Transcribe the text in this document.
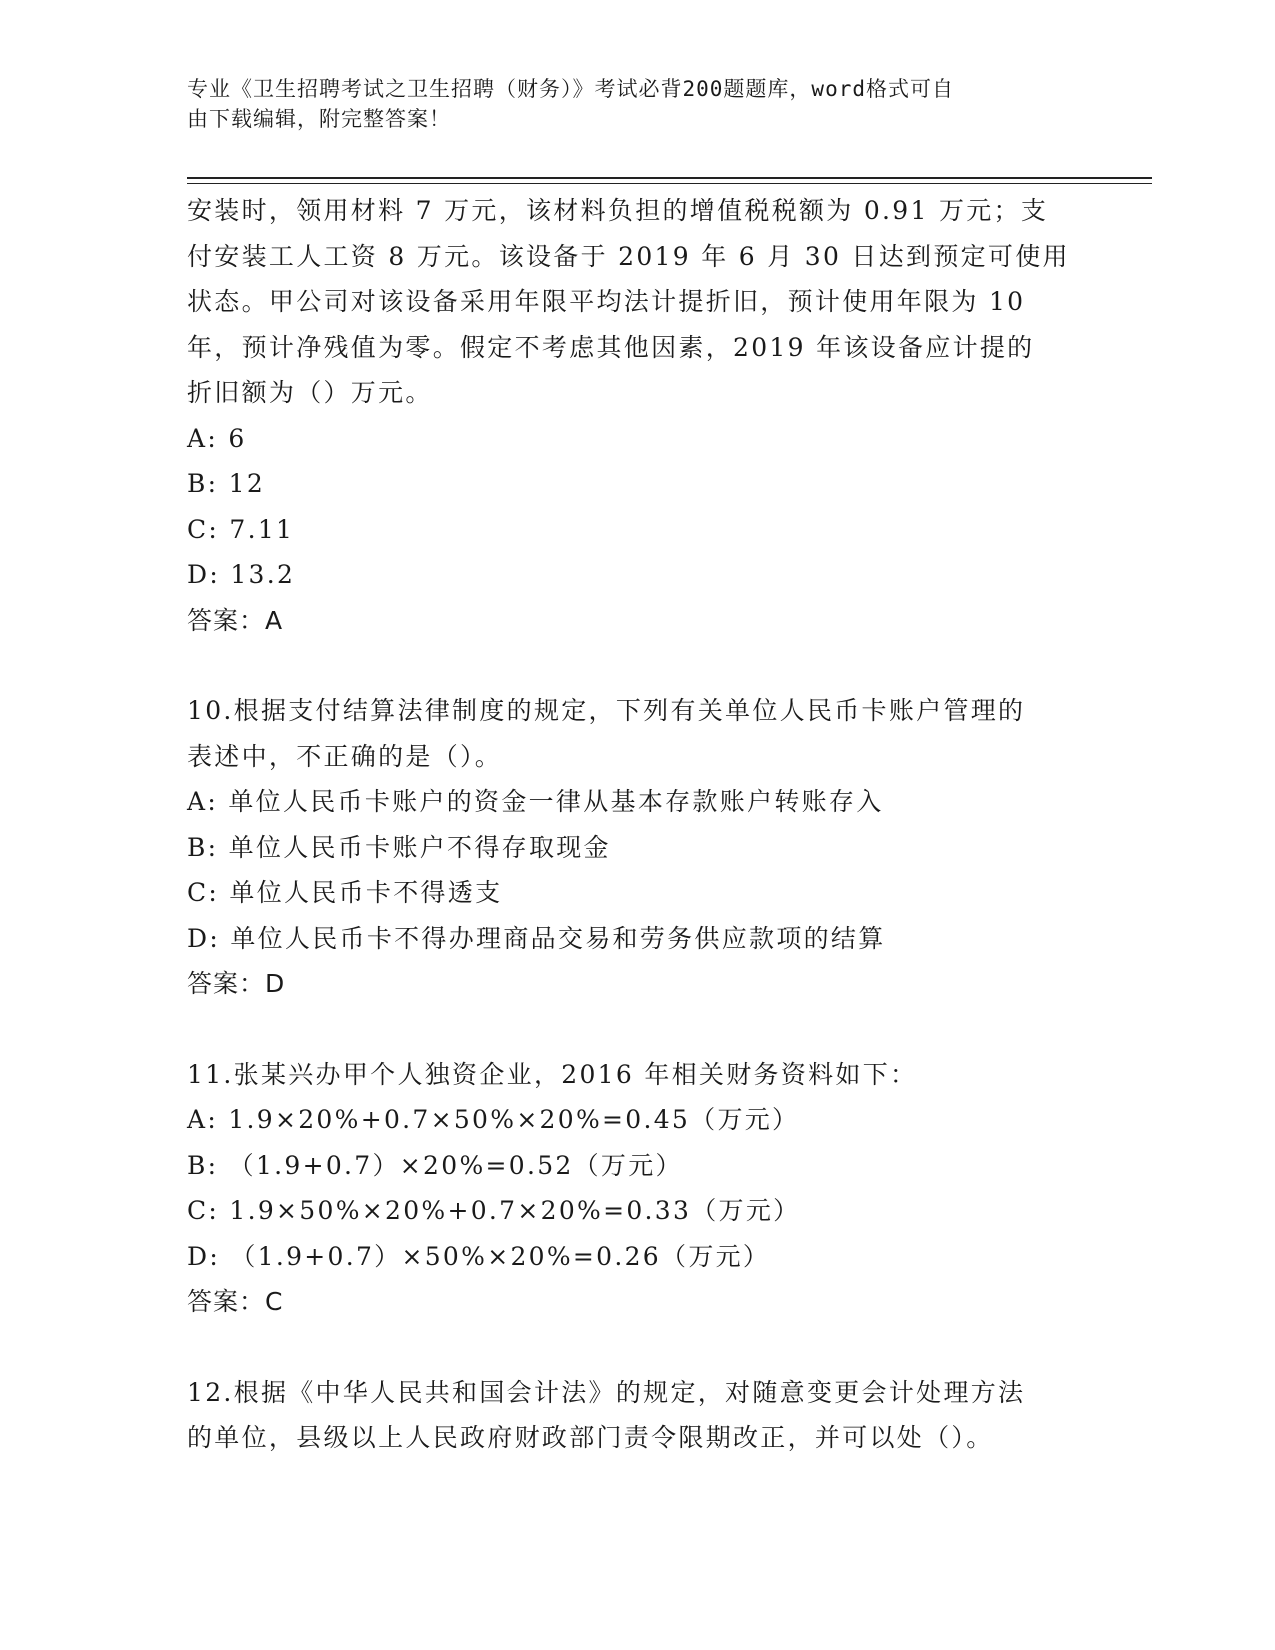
专业《卫生招聘考试之卫生招聘（财务）》考试必背200题题库，word格式可自
由下载编辑，附完整答案！
安装时，领用材料 7 万元，该材料负担的增值税税额为 0.91 万元；支
付安装工人工资 8 万元。该设备于 2019 年 6 月 30 日达到预定可使用
状态。甲公司对该设备采用年限平均法计提折旧，预计使用年限为 10
年，预计净残值为零。假定不考虑其他因素，2019 年该设备应计提的
折旧额为（）万元。
A: 6
B: 12
C: 7.11
D: 13.2
答案：A
10.根据支付结算法律制度的规定，下列有关单位人民币卡账户管理的
表述中，不正确的是（）。
A: 单位人民币卡账户的资金一律从基本存款账户转账存入
B: 单位人民币卡账户不得存取现金
C: 单位人民币卡不得透支
D: 单位人民币卡不得办理商品交易和劳务供应款项的结算
答案：D
11.张某兴办甲个人独资企业，2016 年相关财务资料如下：
A: 1.9×20%+0.7×50%×20%=0.45（万元）
B: （1.9+0.7）×20%=0.52（万元）
C: 1.9×50%×20%+0.7×20%=0.33（万元）
D: （1.9+0.7）×50%×20%=0.26（万元）
答案：C
12.根据《中华人民共和国会计法》的规定，对随意变更会计处理方法
的单位，县级以上人民政府财政部门责令限期改正，并可以处（）。
